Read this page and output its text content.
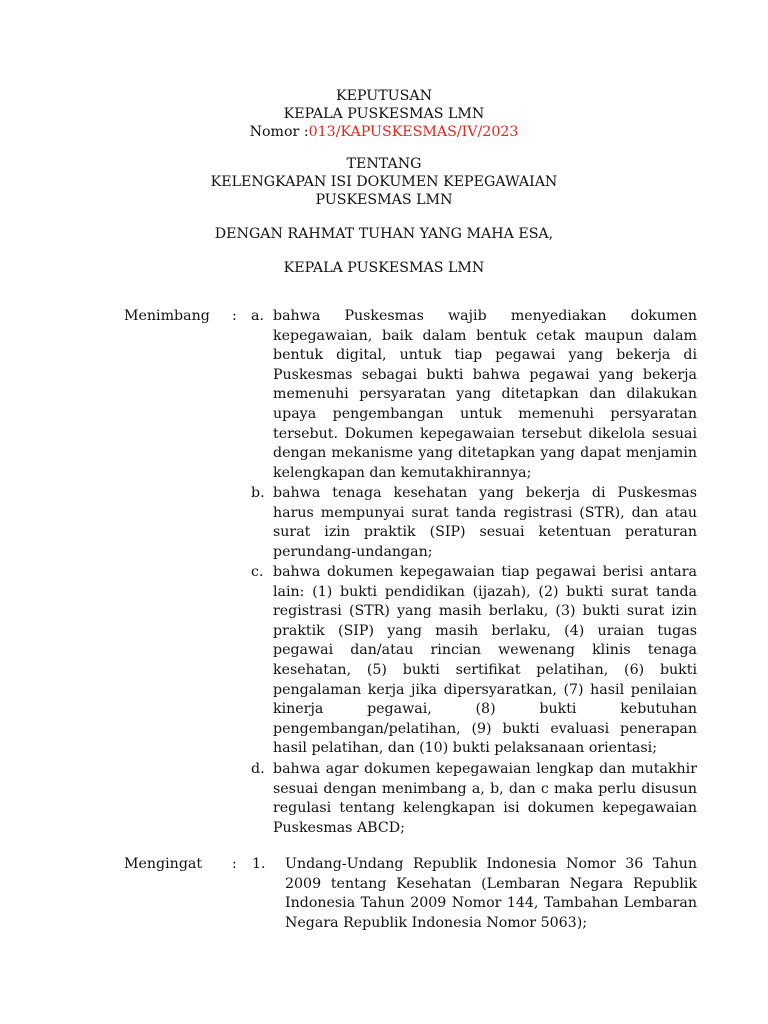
KEPUTUSAN
KEPALA PUSKESMAS LMN
Nomor :013/KAPUSKESMAS/IV/2023
TENTANG
KELENGKAPAN ISI DOKUMEN KEPEGAWAIAN
PUSKESMAS LMN
DENGAN RAHMAT TUHAN YANG MAHA ESA,
KEPALA PUSKESMAS LMN
Menimbang : a. bahwa Puskesmas wajib menyediakan dokumen kepegawaian, baik dalam bentuk cetak maupun dalam bentuk digital, untuk tiap pegawai yang bekerja di Puskesmas sebagai bukti bahwa pegawai yang bekerja memenuhi persyaratan yang ditetapkan dan dilakukan upaya pengembangan untuk memenuhi persyaratan tersebut. Dokumen kepegawaian tersebut dikelola sesuai dengan mekanisme yang ditetapkan yang dapat menjamin kelengkapan dan kemutakhirannya;
b. bahwa tenaga kesehatan yang bekerja di Puskesmas harus mempunyai surat tanda registrasi (STR), dan atau surat izin praktik (SIP) sesuai ketentuan peraturan perundang-undangan;
c. bahwa dokumen kepegawaian tiap pegawai berisi antara lain: (1) bukti pendidikan (ijazah), (2) bukti surat tanda registrasi (STR) yang masih berlaku, (3) bukti surat izin praktik (SIP) yang masih berlaku, (4) uraian tugas pegawai dan/atau rincian wewenang klinis tenaga kesehatan, (5) bukti sertifikat pelatihan, (6) bukti pengalaman kerja jika dipersyaratkan, (7) hasil penilaian kinerja pegawai, (8) bukti kebutuhan pengembangan/pelatihan, (9) bukti evaluasi penerapan hasil pelatihan, dan (10) bukti pelaksanaan orientasi;
d. bahwa agar dokumen kepegawaian lengkap dan mutakhir sesuai dengan menimbang a, b, dan c maka perlu disusun regulasi tentang kelengkapan isi dokumen kepegawaian Puskesmas ABCD;
Mengingat : 1. Undang-Undang Republik Indonesia Nomor 36 Tahun 2009 tentang Kesehatan (Lembaran Negara Republik Indonesia Tahun 2009 Nomor 144, Tambahan Lembaran Negara Republik Indonesia Nomor 5063);
